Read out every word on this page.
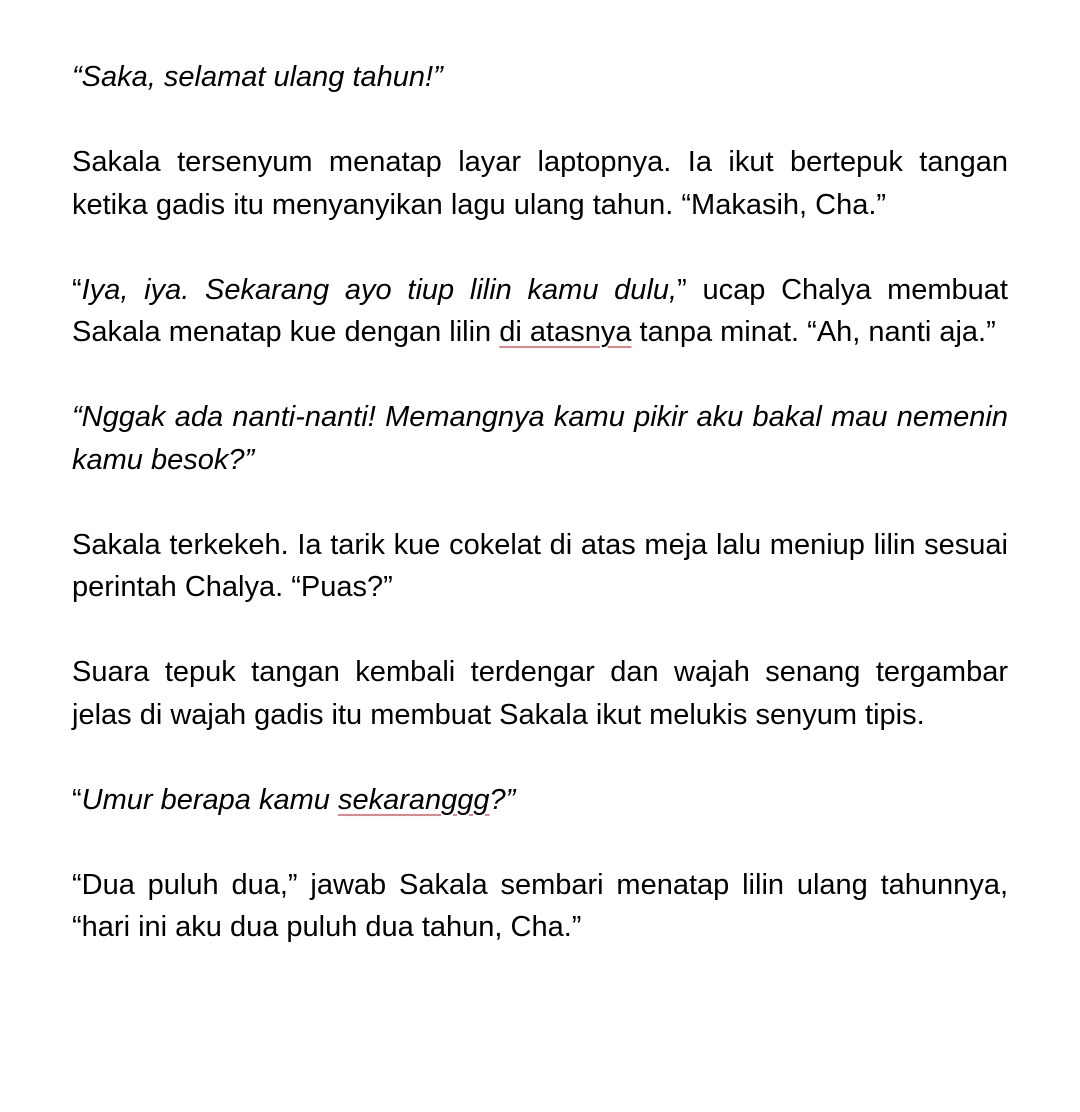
“Saka, selamat ulang tahun!”

Sakala tersenyum menatap layar laptopnya. Ia ikut bertepuk tangan ketika gadis itu menyanyikan lagu ulang tahun. “Makasih, Cha.”

“Iya, iya. Sekarang ayo tiup lilin kamu dulu,” ucap Chalya membuat Sakala menatap kue dengan lilin di atasnya tanpa minat. “Ah, nanti aja.”

“Nggak ada nanti-nanti! Memangnya kamu pikir aku bakal mau nemenin kamu besok?”

Sakala terkekeh. Ia tarik kue cokelat di atas meja lalu meniup lilin sesuai perintah Chalya. “Puas?”

Suara tepuk tangan kembali terdengar dan wajah senang tergambar jelas di wajah gadis itu membuat Sakala ikut melukis senyum tipis.

“Umur berapa kamu sekaranggg?”

“Dua puluh dua,” jawab Sakala sembari menatap lilin ulang tahunnya, “hari ini aku dua puluh dua tahun, Cha.”
